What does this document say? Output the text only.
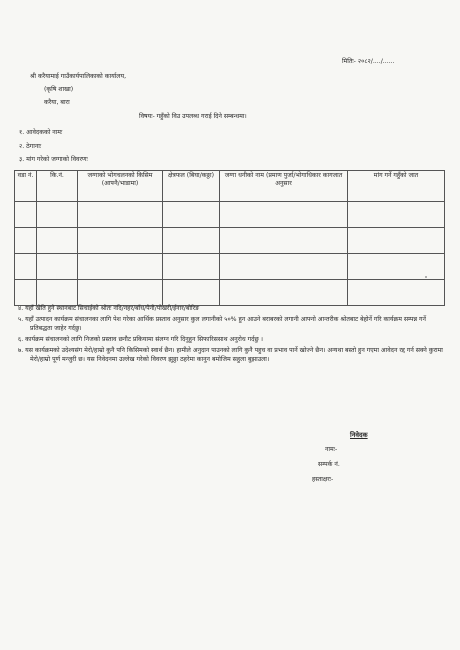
मितिः- २०८२/..../......
श्री करैयामाई गाउँकार्यपालिकाको कार्यालय,
(कृषि शाखा)
करैया, बारा
विषयः- गहुँको विउ उपलब्ध गराई दिने सम्बन्धमा।
१. आवेदकको नामः
२. ठेगानाः
३. मांग गरेको जग्गाको विवरणः
वडा नं.	कि.नं.	जग्गाको भोगचलनको किसिम (आफ्नै/भाडामा)	क्षेत्रफल (बिघा/कठ्ठा)	जग्गा धनीको नाम (प्रमाण पुर्जा/भोगाधिकार कागजात अनुसार	मांग गर्ने गहुँको जात

४. यहाँ खेति हुने स्थानबाट सिचाईको श्रोतः नदि/नहर/बाँध/पैनी/पोखरी/ईनार/बोरिङ

५. यहाँ उत्पादन कार्यक्रम संचालनका लागि पेश गरेका आर्थिक प्रस्ताव अनुसार कुल लगानीको ५०% हुन आउने बराबरको लगानी आफ्नो आन्तरीक श्रोतबाट बेहोर्ने गरि कार्यक्रम सम्पन्न गर्ने प्रतिबद्धता जाहेर गर्दछु।

६. कार्यक्रम संचालनको लागि निजको प्रस्ताव छनौट प्रकियामा संलग्न गरि दिनुहुन सिफारिससाथ अनुरोध गर्दछु ।

७. यस कार्यक्रमको उदेश्यसंग मेरो/हाम्रो कुनै पनि किसिमको स्वार्थ छैन। हामीले अनुदान पाउनको लागि कुनै पहुच वा प्रभाव पार्ने खोज्ने छैन। अन्यथा बस्तो हुन गएमा आवेदन रद्द गर्न सक्ने कुरामा मेरो/हाम्रो पूर्ण मन्जुरी छ। यस निवेदनमा उल्लेख गरेको विवरण झुठ्ठा ठहरेमा कानुन बमोजिम सहुला बुझाउला।

निवेदक
नामः-
सम्पर्क नं.
हस्ताक्षरः-
